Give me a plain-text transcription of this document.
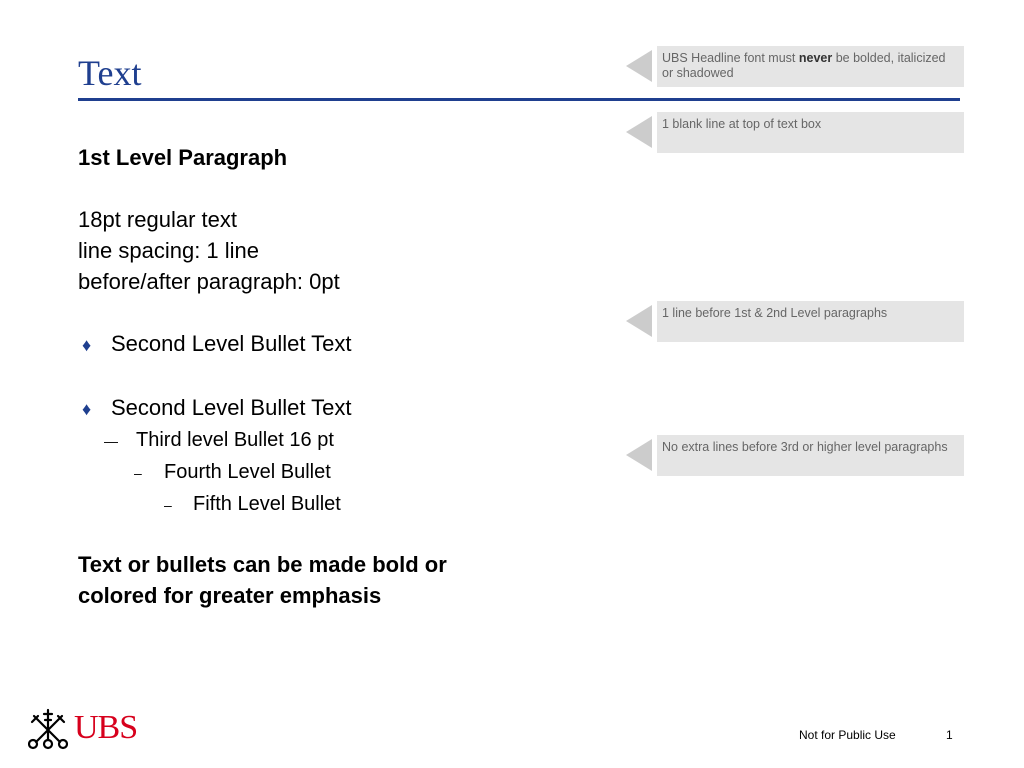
Text
1st Level Paragraph
18pt regular text
line spacing: 1 line
before/after paragraph: 0pt
♦ Second Level Bullet Text
♦ Second Level Bullet Text
— Third level Bullet 16 pt
–	Fourth Level Bullet
–	Fifth Level Bullet
Text or bullets can be made bold or
colored for greater emphasis
UBS Headline font must never be bolded, italicized or shadowed
1 blank line at top of text box
1 line before 1st & 2nd Level paragraphs
No extra lines before 3rd or higher level paragraphs
UBS	Not for Public Use	1
